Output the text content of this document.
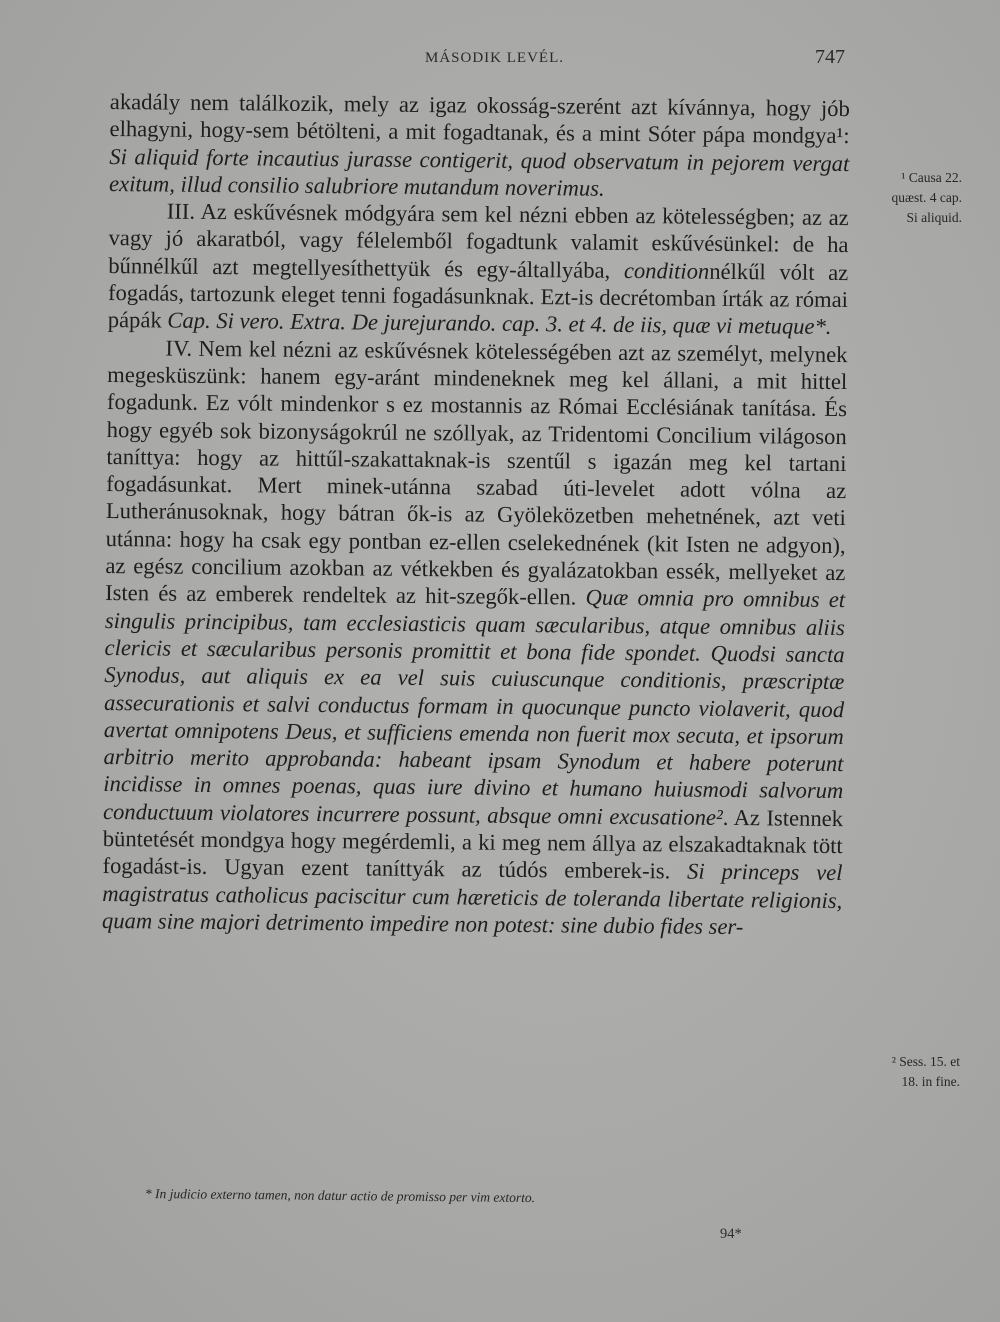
MÁSODIK LEVÉL.	747

akadály nem találkozik, mely az igaz okosság-szerént azt kívánnya, hogy jób elhagyni, hogy-sem bétölteni, a mit fogadtanak, és a mint Sóter pápa mondgya¹: Si aliquid forte incautius jurasse contigerit, quod observatum in pejorem vergat exitum, illud consilio salubriore mutandum noverimus.

III. Az eskűvésnek módgyára sem kel nézni ebben az kötelességben; az az vagy jó akaratból, vagy félelemből fogadtunk valamit eskűvésünkel: de ha bűnnélkűl azt megtellyesíthettyük és egy-általlyába, conditionnélkűl vólt az fogadás, tartozunk eleget tenni fogadásunknak. Ezt-is decrétomban írták az római pápák Cap. Si vero. Extra. De jurejurando. cap. 3. et 4. de iis, quæ vi metuque*.

IV. Nem kel nézni az eskűvésnek kötelességében azt az személyt, melynek megesküszünk: hanem egy-aránt mindeneknek meg kel állani, a mit hittel fogadunk. Ez vólt mindenkor s ez mostannis az Római Ecclésiának tanítása. És hogy egyéb sok bizonyságokrúl ne szóllyak, az Tridentomi Concilium világoson taníttya: hogy az hittűl-szakattaknak-is szentűl s igazán meg kel tartani fogadásunkat. Mert minek-utánna szabad úti-levelet adott vólna az Lutheránusoknak, hogy bátran ők-is az Gyöleközetben mehetnének, azt veti utánna: hogy ha csak egy pontban ez-ellen cselekednének (kit Isten ne adgyon), az egész concilium azokban az vétkekben és gyalázatokban essék, mellyeket az Isten és az emberek rendeltek az hit-szegők-ellen. Quæ omnia pro omnibus et singulis principibus, tam ecclesiasticis quam sæcularibus, atque omnibus aliis clericis et sæcularibus personis promittit et bona fide spondet. Quodsi sancta Synodus, aut aliquis ex ea vel suis cuiuscunque conditionis, præscriptæ assecurationis et salvi conductus formam in quocunque puncto violaverit, quod avertat omnipotens Deus, et sufficiens emenda non fuerit mox secuta, et ipsorum arbitrio merito approbanda: habeant ipsam Synodum et habere poterunt incidisse in omnes poenas, quas iure divino et humano huiusmodi salvorum conductuum violatores incurrere possunt, absque omni excusatione². Az Istennek büntetését mondgya hogy megérdemli, a ki meg nem állya az elszakadtaknak tött fogadást-is. Ugyan ezent taníttyák az túdós emberek-is. Si princeps vel magistratus catholicus paciscitur cum hæreticis de toleranda libertate religionis, quam sine majori detrimento impedire non potest: sine dubio fides ser-

¹ Causa 22.
quæst. 4 cap.
Si aliquid.
² Sess. 15. et
18. in fine.
* In judicio externo tamen, non datur actio de promisso per vim extorto.
94*
